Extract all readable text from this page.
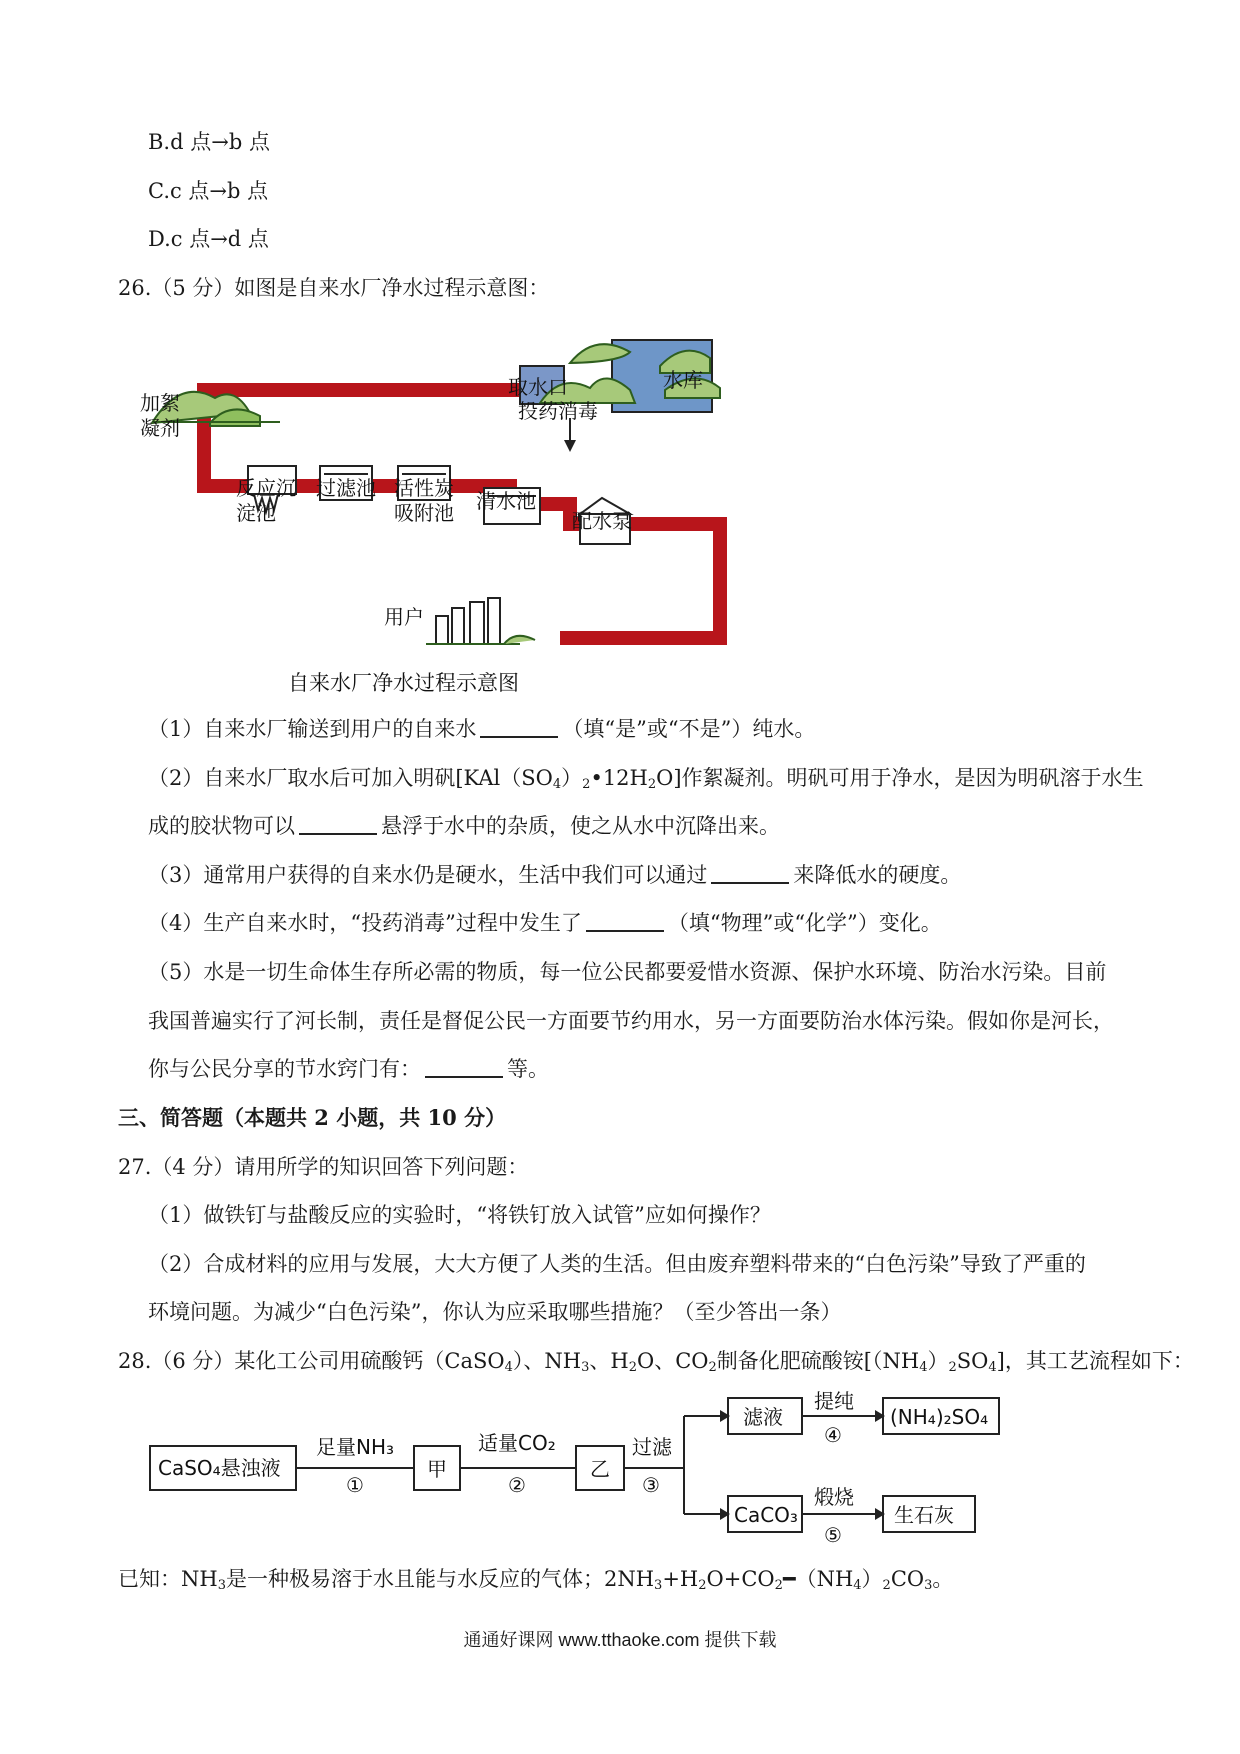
B.d 点→b 点
C.c 点→b 点
D.c 点→d 点
26.（5 分）如图是自来水厂净水过程示意图：
取水口	水库
加絮
凝剂
投药消毒
反应沉
淀池
过滤池 活性炭
吸附池 清水池
配水泵
用户
自来水厂净水过程示意图
（1）自来水厂输送到用户的自来水	（填“是”或“不是”）纯水。
（2）自来水厂取水后可加入明矾$[KAl(SO_4)_2•12H_2O]$作絮凝剂。明矾可用于净水，是因为明矾溶于水生
成的胶状物可以	悬浮于水中的杂质，使之从水中沉降出来。
（3）通常用户获得的自来水仍是硬水，生活中我们可以通过	来降低水的硬度。
（4）生产自来水时，“投药消毒”过程中发生了	（填“物理”或“化学”）变化。
（5）水是一切生命体生存所必需的物质，每一位公民都要爱惜水资源、保护水环境、防治水污染。目前
我国普遍实行了河长制，责任是督促公民一方面要节约用水，另一方面要防治水体污染。假如你是河长，
你与公民分享的节水窍门有：	等。
三、简答题（本题共 2 小题，共 10 分）
27.（4 分）请用所学的知识回答下列问题：
（1）做铁钉与盐酸反应的实验时，“将铁钉放入试管”应如何操作？
（2）合成材料的应用与发展，大大方便了人类的生活。但由废弃塑料带来的“白色污染”导致了严重的
环境问题。为减少“白色污染”，你认为应采取哪些措施？（至少答出一条）
28.（6 分）某化工公司用硫酸钙（CaSO$_4$）、$NH_3$、$H_2O$、$CO_2$制备化肥硫酸铵$[(NH_4)_2SO_4]$，其工艺流程如下：
CaSO₄悬浊液	甲	乙
滤液	(NH₄)₂SO₄
CaCO₃	生石灰
足量NH₃
①
适量CO₂
②
过滤
③
提纯
④
煅烧
⑤
已知：$NH_3$是一种极易溶于水且能与水反应的气体；$2NH_3+H_2O+CO_2━(NH_4)_2CO_3$。
通通好课网 www.tthaoke.com 提供下载
